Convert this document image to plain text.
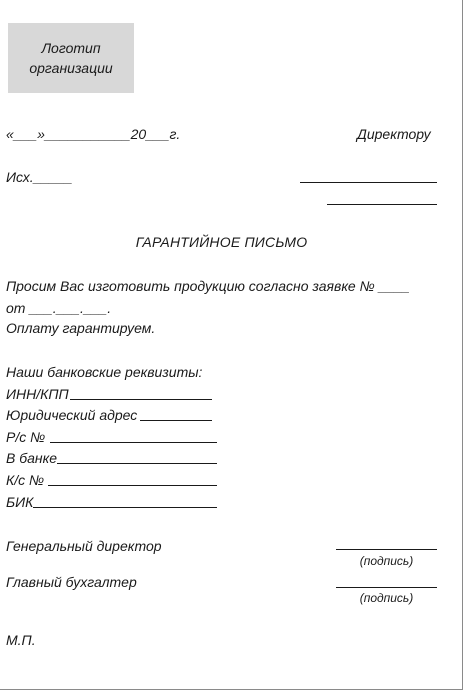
Логотип
организации
«___»___________20___г.	Директору
Исх._____
ГАРАНТИЙНОЕ ПИСЬМО
Просим Вас изготовить продукцию согласно заявке № ____
от ___.___.___.
Оплату гарантируем.
Наши банковские реквизиты:
ИНН/КПП
Юридический адрес
Р/с №
В банке
К/с №
БИК
Генеральный директор
(подпись)
Главный бухгалтер
(подпись)
М.П.
